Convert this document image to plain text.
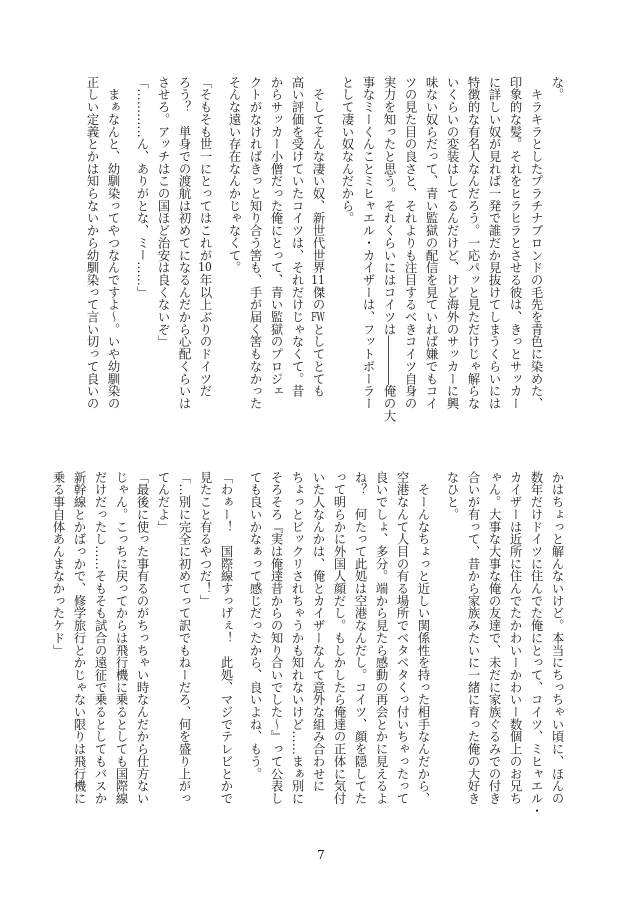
な。
　キラキラとしたプラチナブロンドの毛先を青色に染めた、
印象的な髪。それをヒラヒラとさせる彼は、きっとサッカー
に詳しい奴が見れば一発で誰だか見抜けてしまうくらいには
特徴的な有名人なんだろう。一応パッと見ただけじゃ解らな
いくらいの変装はしてるんだけど、けど海外のサッカーに興
味ない奴らだって、青い監獄の配信を見ていれば嫌でもコイ
ツの見た目の良さと、それよりも注目するべきコイツ自身の
実力を知ったと思う。それくらいにはコイツは――――俺の大
事なミーくんことミヒャエル・カイザーは、フットボーラー
として凄い奴なんだから。
　そしてそんな凄い奴、新世代世界11傑のFWとしてとても
高い評価を受けていたコイツは、それだけじゃなくて。昔
からサッカー小僧だった俺にとって、青い監獄のプロジェ
クトがなければきっと知り合う筈も、手が届く筈もなかった
そんな遠い存在なんかじゃなくて。
「そもそも世一にとってはこれが10年以上ぶりのドイツだ
ろう？　単身での渡航は初めてになるんだから心配くらいは
させろ。アッチはこの国ほど治安は良くないぞ」
「…………ん、ありがとな、ミー……」
　まぁなんと、幼馴染ってやつなんですよ～。いや幼馴染の
正しい定義とかは知らないから幼馴染って言い切って良いの
かはちょっと解んないけど。本当にちっちゃい頃に、ほんの
数年だけドイツに住んでた俺にとって、コイツ、ミヒャエル・
カイザーは近所に住んでたかわいーかわいー数個上のお兄ち
ゃん。大事な大事な俺の友達で、未だに家族ぐるみでの付き
合いが有って、昔から家族みたいに一緒に育った俺の大好き
なひと。
　そーんなちょっと近しい関係性を持った相手なんだから、
空港なんて人目の有る場所でベタベタくっ付いちゃったって
良いでしょ、多分。端から見たら感動の再会とかに見えるよ
ね？　何たって此処は空港なんだし。コイツ、顔を隠してた
って明らかに外国人顔だし。もしかしたら俺達の正体に気付
いた人なんかは、俺とカイザーなんて意外な組み合わせに
ちょっとビックリされちゃうかも知れないけど……まぁ別に
そろそろ『実は俺達昔からの知り合いでした～』って公表し
ても良いかなぁって感じだったから、良いよね、もう。
「わぁー！　国際線すっげぇ！　此処、マジでテレビとかで
見たこと有るやつだ！」
「…別に完全に初めてって訳でもねーだろ、何を盛り上がっ
てんだよ」
「最後に使った事有るのがちっちゃい時なんだから仕方ない
じゃん。こっちに戻ってからは飛行機に乗るとしても国際線
だけだったし……そもそも試合の遠征で乗るとしてもバスか
新幹線とかばっかで、修学旅行とかじゃない限りは飛行機に
乗る事自体あんまなかったケド」
7
